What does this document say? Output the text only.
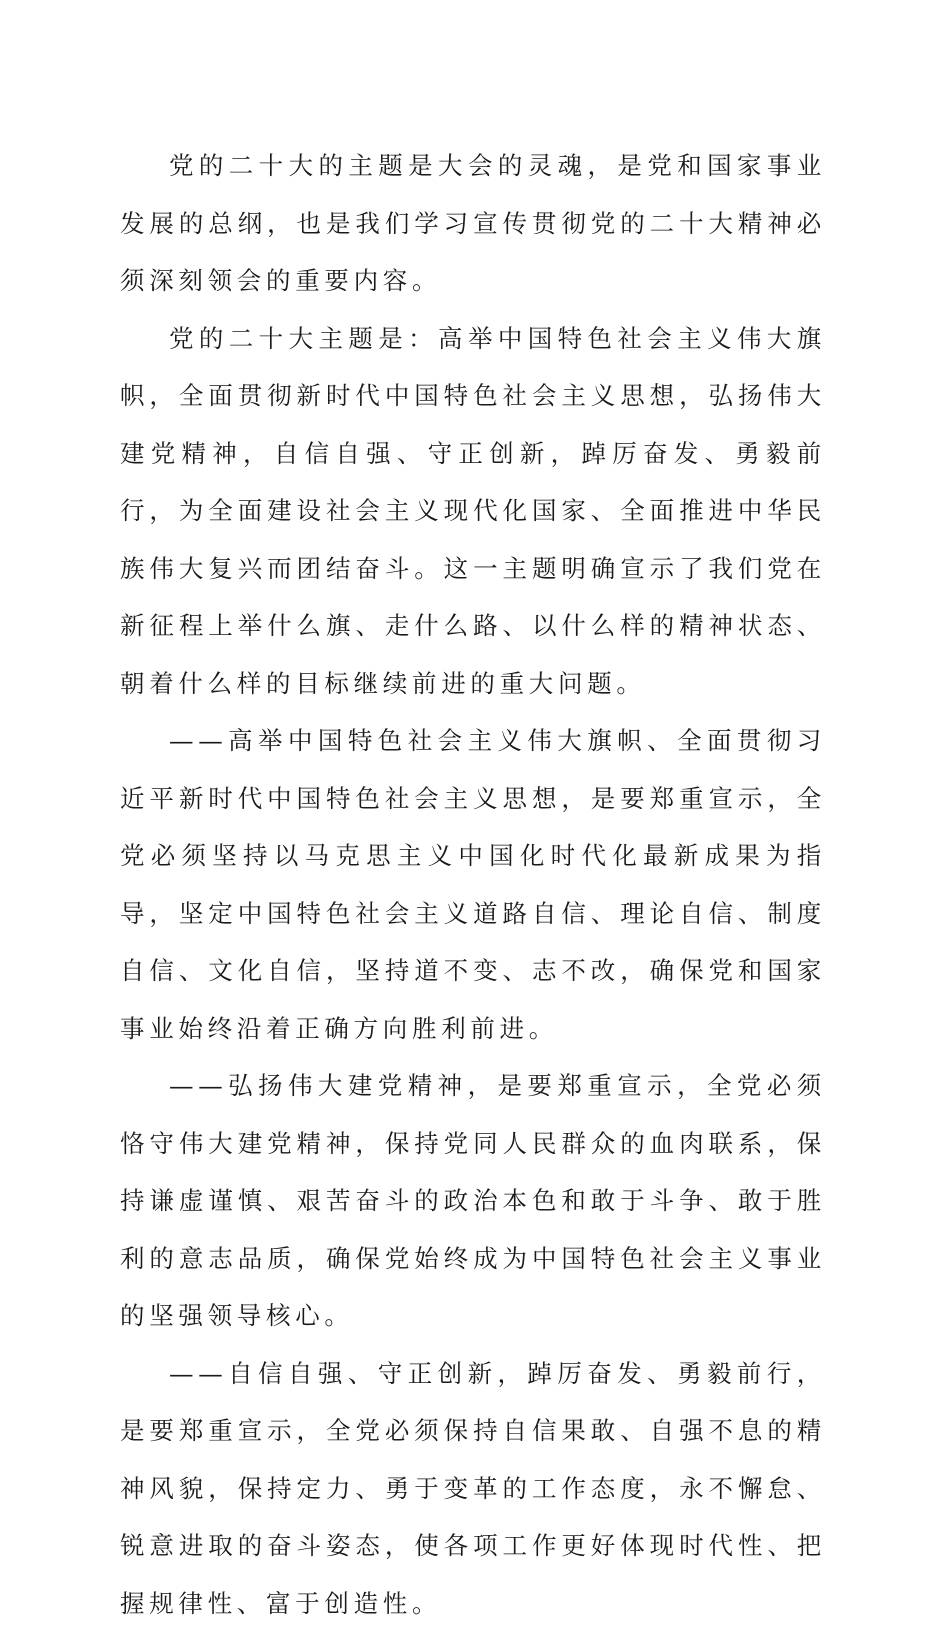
党的二十大的主题是大会的灵魂，是党和国家事业发展的总纲，也是我们学习宣传贯彻党的二十大精神必须深刻领会的重要内容。

党的二十大主题是：高举中国特色社会主义伟大旗帜，全面贯彻新时代中国特色社会主义思想，弘扬伟大建党精神，自信自强、守正创新，踔厉奋发、勇毅前行，为全面建设社会主义现代化国家、全面推进中华民族伟大复兴而团结奋斗。这一主题明确宣示了我们党在新征程上举什么旗、走什么路、以什么样的精神状态、朝着什么样的目标继续前进的重大问题。

——高举中国特色社会主义伟大旗帜、全面贯彻习近平新时代中国特色社会主义思想，是要郑重宣示，全党必须坚持以马克思主义中国化时代化最新成果为指导，坚定中国特色社会主义道路自信、理论自信、制度自信、文化自信，坚持道不变、志不改，确保党和国家事业始终沿着正确方向胜利前进。

——弘扬伟大建党精神，是要郑重宣示，全党必须恪守伟大建党精神，保持党同人民群众的血肉联系，保持谦虚谨慎、艰苦奋斗的政治本色和敢于斗争、敢于胜利的意志品质，确保党始终成为中国特色社会主义事业的坚强领导核心。

——自信自强、守正创新，踔厉奋发、勇毅前行，是要郑重宣示，全党必须保持自信果敢、自强不息的精神风貌，保持定力、勇于变革的工作态度，永不懈怠、锐意进取的奋斗姿态，使各项工作更好体现时代性、把握规律性、富于创造性。
